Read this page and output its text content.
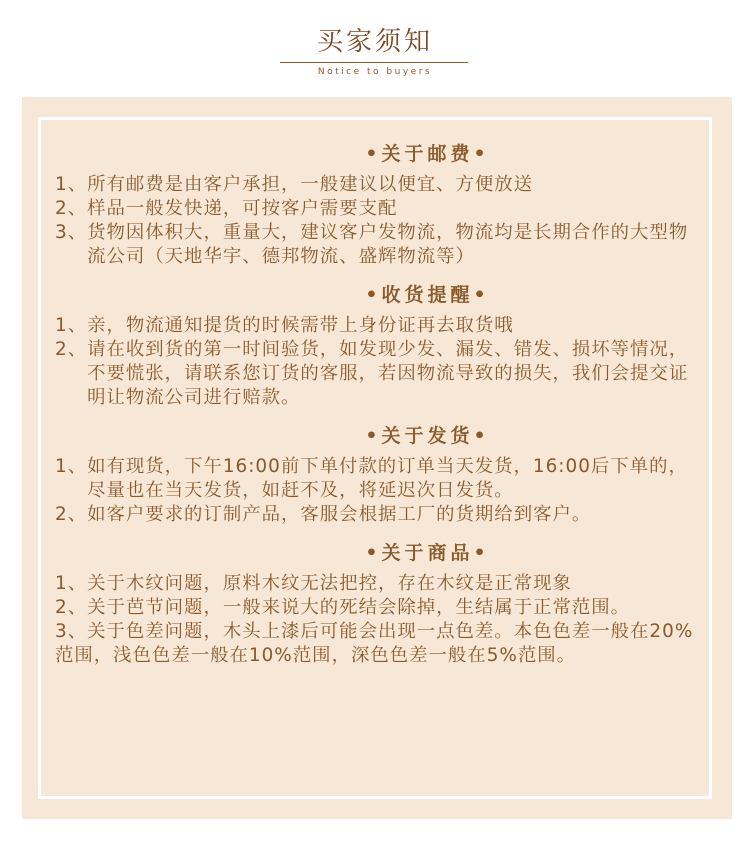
买家须知
Notice to buyers
•关于邮费•
1、 所有邮费是由客户承担，一般建议以便宜、方便放送
2、 样品一般发快递，可按客户需要支配
3、 货物因体积大，重量大，建议客户发物流，物流均是长期合作的大型物流公司（天地华宇、德邦物流、盛辉物流等）
•收货提醒•
1、 亲，物流通知提货的时候需带上身份证再去取货哦
2、 请在收到货的第一时间验货，如发现少发、漏发、错发、损坏等情况，不要慌张，请联系您订货的客服，若因物流导致的损失，我们会提交证明让物流公司进行赔款。
•关于发货•
1、 如有现货，下午16:00前下单付款的订单当天发货，16:00后下单的，尽量也在当天发货，如赶不及，将延迟次日发货。
2、 如客户要求的订制产品，客服会根据工厂的货期给到客户。
•关于商品•
1、 关于木纹问题，原料木纹无法把控，存在木纹是正常现象
2、 关于芭节问题，一般来说大的死结会除掉，生结属于正常范围。
3、关于色差问题，木头上漆后可能会出现一点色差。本色色差一般在20%范围，浅色色差一般在10%范围，深色色差一般在5%范围。
